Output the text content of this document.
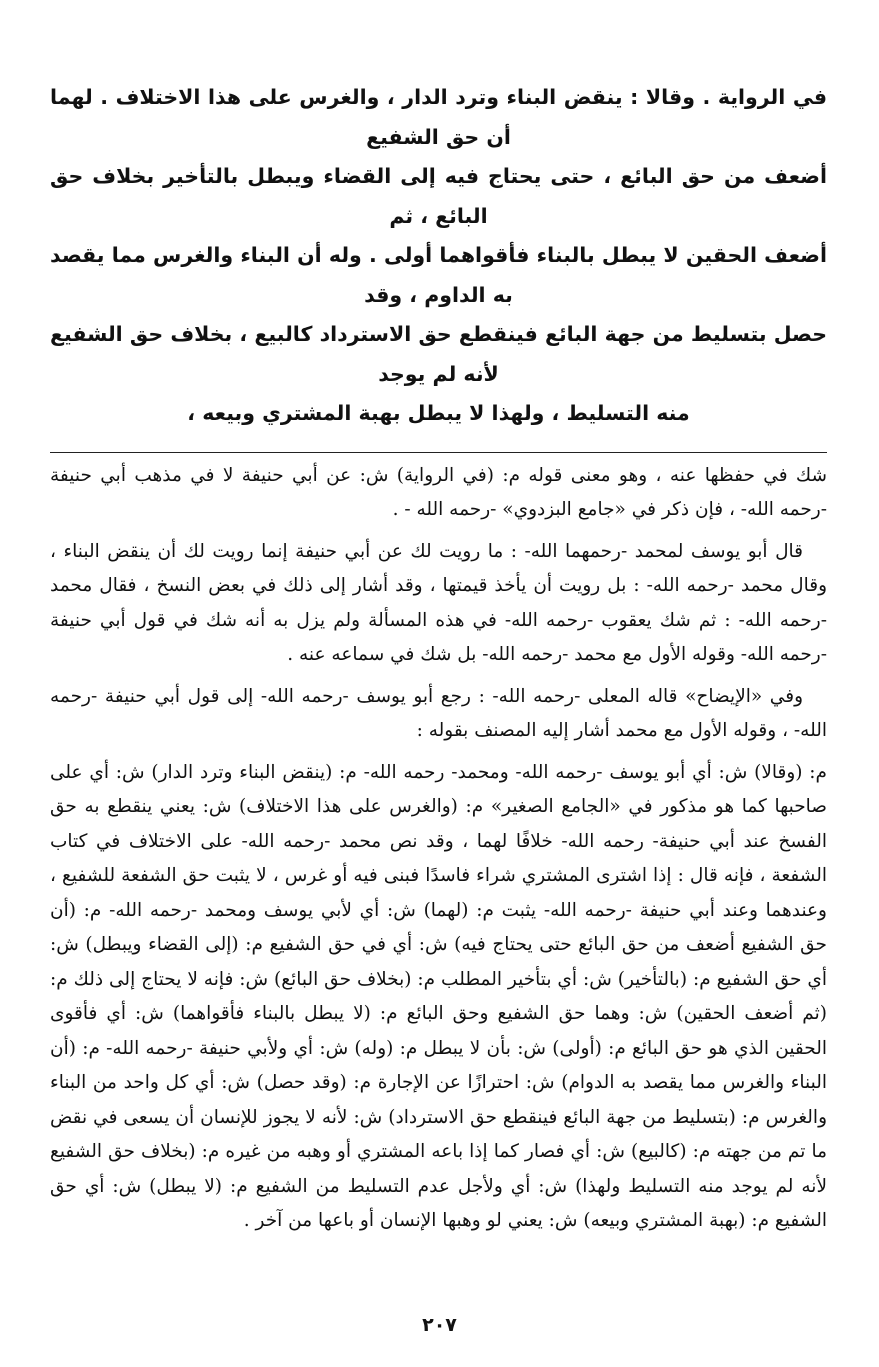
في الرواية . وقالا : ينقض البناء وترد الدار ، والغرس على هذا الاختلاف . لهما أن حق الشفيع
أضعف من حق البائع ، حتى يحتاج فيه إلى القضاء ويبطل بالتأخير بخلاف حق البائع ، ثم
أضعف الحقين لا يبطل بالبناء فأقواهما أولى . وله أن البناء والغرس مما يقصد به الداوم ، وقد
حصل بتسليط من جهة البائع فينقطع حق الاسترداد كالبيع ، بخلاف حق الشفيع لأنه لم يوجد
منه التسليط ، ولهذا لا يبطل بهبة المشتري وبيعه ،

شك في حفظها عنه ، وهو معنى قوله م: (في الرواية) ش: عن أبي حنيفة لا في مذهب أبي حنيفة -رحمه الله- ، فإن ذكر في «جامع البزدوي» -رحمه الله - .

قال أبو يوسف لمحمد -رحمهما الله- : ما رويت لك عن أبي حنيفة إنما رويت لك أن ينقض البناء ، وقال محمد -رحمه الله- : بل رويت أن يأخذ قيمتها ، وقد أشار إلى ذلك في بعض النسخ ، فقال محمد -رحمه الله- : ثم شك يعقوب -رحمه الله- في هذه المسألة ولم يزل به أنه شك في قول أبي حنيفة -رحمه الله- وقوله الأول مع محمد -رحمه الله- بل شك في سماعه عنه .

وفي «الإيضاح» قاله المعلى -رحمه الله- : رجع أبو يوسف -رحمه الله- إلى قول أبي حنيفة -رحمه الله- ، وقوله الأول مع محمد أشار إليه المصنف بقوله :

م: (وقالا) ش: أي أبو يوسف -رحمه الله- ومحمد- رحمه الله- م: (ينقض البناء وترد الدار) ش: أي على صاحبها كما هو مذكور في «الجامع الصغير» م: (والغرس على هذا الاختلاف) ش: يعني ينقطع به حق الفسخ عند أبي حنيفة- رحمه الله- خلافًا لهما ، وقد نص محمد -رحمه الله- على الاختلاف في كتاب الشفعة ، فإنه قال : إذا اشترى المشتري شراء فاسدًا فبنى فيه أو غرس ، لا يثبت حق الشفعة للشفيع ، وعندهما وعند أبي حنيفة -رحمه الله- يثبت م: (لهما) ش: أي لأبي يوسف ومحمد -رحمه الله- م: (أن حق الشفيع أضعف من حق البائع حتى يحتاج فيه) ش: أي في حق الشفيع م: (إلى القضاء ويبطل) ش: أي حق الشفيع م: (بالتأخير) ش: أي بتأخير المطلب م: (بخلاف حق البائع) ش: فإنه لا يحتاج إلى ذلك م: (ثم أضعف الحقين) ش: وهما حق الشفيع وحق البائع م: (لا يبطل بالبناء فأقواهما) ش: أي فأقوى الحقين الذي هو حق البائع م: (أولى) ش: بأن لا يبطل م: (وله) ش: أي ولأبي حنيفة -رحمه الله- م: (أن البناء والغرس مما يقصد به الدوام) ش: احترازًا عن الإجارة م: (وقد حصل) ش: أي كل واحد من البناء والغرس م: (بتسليط من جهة البائع فينقطع حق الاسترداد) ش: لأنه لا يجوز للإنسان أن يسعى في نقض ما تم من جهته م: (كالبيع) ش: أي فصار كما إذا باعه المشتري أو وهبه من غيره م: (بخلاف حق الشفيع لأنه لم يوجد منه التسليط ولهذا) ش: أي ولأجل عدم التسليط من الشفيع م: (لا يبطل) ش: أي حق الشفيع م: (بهبة المشتري وبيعه) ش: يعني لو وهبها الإنسان أو باعها من آخر .

٢٠٧
